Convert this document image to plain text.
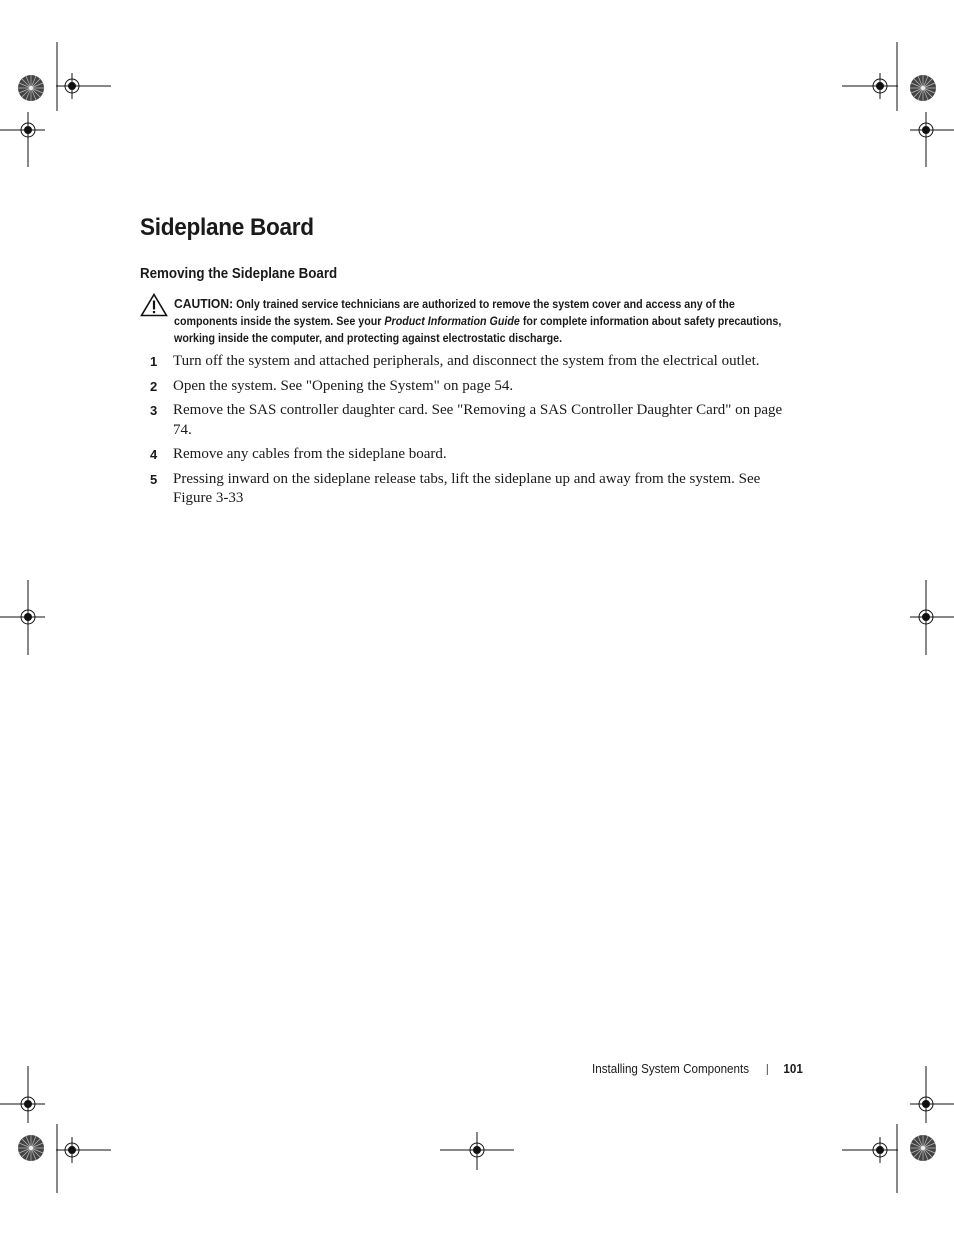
Sideplane Board
Removing the Sideplane Board
CAUTION: Only trained service technicians are authorized to remove the system cover and access any of the components inside the system. See your Product Information Guide for complete information about safety precautions, working inside the computer, and protecting against electrostatic discharge.
1	Turn off the system and attached peripherals, and disconnect the system from the electrical outlet.
2	Open the system. See "Opening the System" on page 54.
3	Remove the SAS controller daughter card. See "Removing a SAS Controller Daughter Card" on page 74.
4	Remove any cables from the sideplane board.
5	Pressing inward on the sideplane release tabs, lift the sideplane up and away from the system. See Figure 3-33
Installing System Components	101
